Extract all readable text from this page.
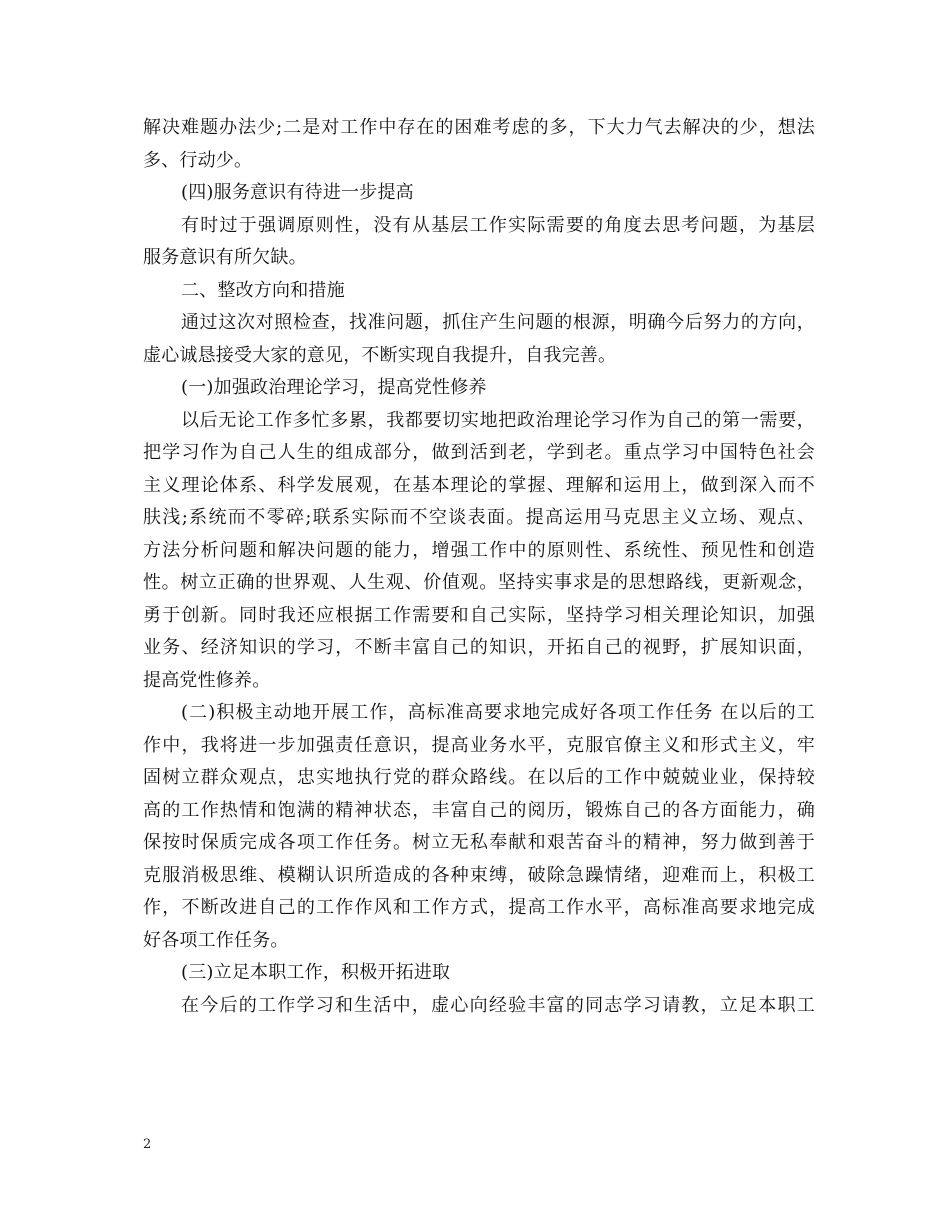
解决难题办法少;二是对工作中存在的困难考虑的多，下大力气去解决的少，想法
多、行动少。
(四)服务意识有待进一步提高
有时过于强调原则性，没有从基层工作实际需要的角度去思考问题，为基层
服务意识有所欠缺。
二、整改方向和措施
通过这次对照检查，找准问题，抓住产生问题的根源，明确今后努力的方向，
虚心诚恳接受大家的意见，不断实现自我提升，自我完善。
(一)加强政治理论学习，提高党性修养
以后无论工作多忙多累，我都要切实地把政治理论学习作为自己的第一需要，
把学习作为自己人生的组成部分，做到活到老，学到老。重点学习中国特色社会
主义理论体系、科学发展观，在基本理论的掌握、理解和运用上，做到深入而不
肤浅;系统而不零碎;联系实际而不空谈表面。提高运用马克思主义立场、观点、
方法分析问题和解决问题的能力，增强工作中的原则性、系统性、预见性和创造
性。树立正确的世界观、人生观、价值观。坚持实事求是的思想路线，更新观念，
勇于创新。同时我还应根据工作需要和自己实际，坚持学习相关理论知识，加强
业务、经济知识的学习，不断丰富自己的知识，开拓自己的视野，扩展知识面，
提高党性修养。
(二)积极主动地开展工作，高标准高要求地完成好各项工作任务 在以后的工
作中，我将进一步加强责任意识，提高业务水平，克服官僚主义和形式主义，牢
固树立群众观点，忠实地执行党的群众路线。在以后的工作中兢兢业业，保持较
高的工作热情和饱满的精神状态，丰富自己的阅历，锻炼自己的各方面能力，确
保按时保质完成各项工作任务。树立无私奉献和艰苦奋斗的精神，努力做到善于
克服消极思维、模糊认识所造成的各种束缚，破除急躁情绪，迎难而上，积极工
作，不断改进自己的工作作风和工作方式，提高工作水平，高标准高要求地完成
好各项工作任务。
(三)立足本职工作，积极开拓进取
在今后的工作学习和生活中，虚心向经验丰富的同志学习请教，立足本职工
2
